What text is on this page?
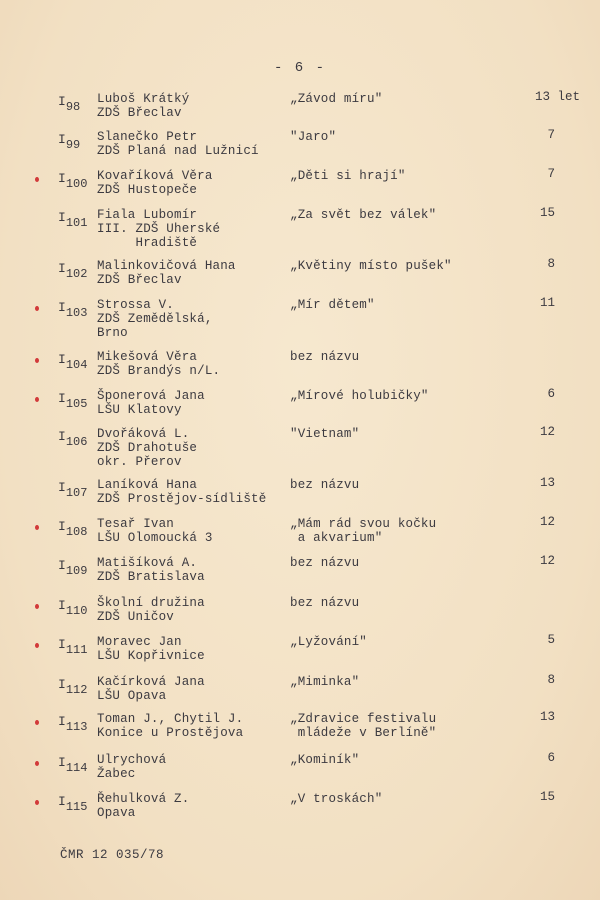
- 6 -
I98
Luboš Krátký
ZDŠ Břeclav
„Závod míru"	13 let
I99
Slanečko Petr
ZDŠ Planá nad Lužnicí
"Jaro"	7
I100
Kovaříková Věra
ZDŠ Hustopeče
„Děti si hrají"	7
I101
Fiala Lubomír
III. ZDŠ Uherské
Hradiště
„Za svět bez válek"	15
I102
Malinkovičová Hana
ZDŠ Břeclav
„Květiny místo pušek"	8
I103
Strossa V.
ZDŠ Zemědělská,
Brno
„Mír dětem"	11
I104
Mikešová Věra
ZDŠ Brandýs n/L.
bez názvu
I105
Šponerová Jana
LŠU Klatovy
„Mírové holubičky"	6
I106
Dvořáková L.
ZDŠ Drahotuše
okr. Přerov
"Vietnam"	12
I107
Laníková Hana
ZDŠ Prostějov-sídliště
bez názvu	13
I108
Tesař Ivan
LŠU Olomoucká 3
„Mám rád svou kočku
a akvarium"
12
I109
Matišíková A.
ZDŠ Bratislava
bez názvu	12
I110
Školní družina
ZDŠ Uničov
bez názvu
I111
Moravec Jan
LŠU Kopřivnice
„Lyžování"	5
I112
Kačírková Jana
LŠU Opava
„Miminka"	8
I113
Toman J., Chytil J.
Konice u Prostějova
„Zdravice festivalu
mládeže v Berlíně"
13
I114
Ulrychová
Žabec
„Kominík"	6
I115
Řehulková Z.
Opava
„V troskách"	15
ČMR 12 035/78
